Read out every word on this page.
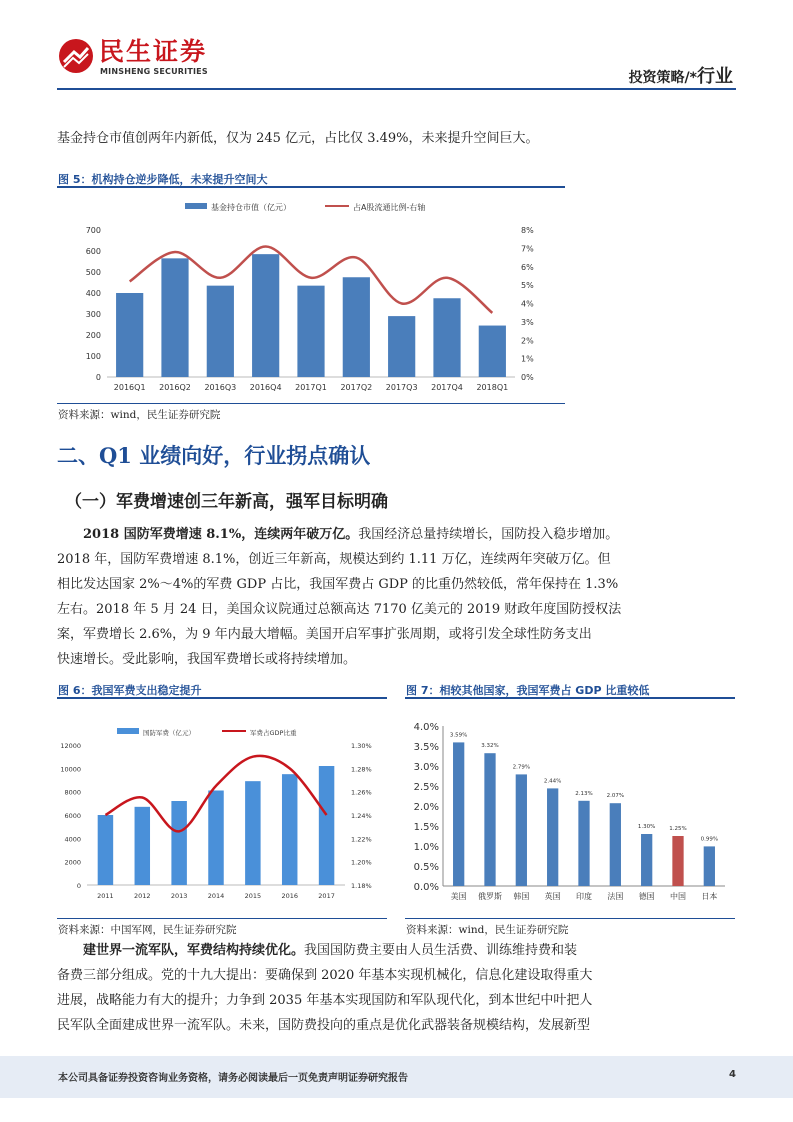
民生证券
MINSHENG SECURITIES	投资策略/*行业
基金持仓市值创两年内新低，仅为 245 亿元，占比仅 3.49%，未来提升空间巨大。
图 5：机构持仓逆步降低，未来提升空间大
基金持仓市值（亿元）	占A股流通比例-右轴
0
100
200
300
400
500
600
700
0%
1%
2%
3%
4%
5%
6%
7%
8%
2016Q1 2016Q2 2016Q3 2016Q4 2017Q1 2017Q2 2017Q3 2017Q4 2018Q1
资料来源：wind，民生证券研究院
二、Q1 业绩向好，行业拐点确认
（一）军费增速创三年新高，强军目标明确
2018 国防军费增速 8.1%，连续两年破万亿。我国经济总量持续增长，国防投入稳步增加。
2018 年，国防军费增速 8.1%，创近三年新高，规模达到约 1.11 万亿，连续两年突破万亿。但
相比发达国家 2%～4%的军费 GDP 占比，我国军费占 GDP 的比重仍然较低，常年保持在 1.3%
左右。2018 年 5 月 24 日，美国众议院通过总额高达 7170 亿美元的 2019 财政年度国防授权法
案，军费增长 2.6%，为 9 年内最大增幅。美国开启军事扩张周期，或将引发全球性防务支出
快速增长。受此影响，我国军费增长或将持续增加。
图 6：我国军费支出稳定提升
国防军费（亿元）	军费占GDP比重
0
2000
4000
6000
8000
10000
12000
1.18%
1.20%
1.22%
1.24%
1.26%
1.28%
1.30%
2011	2012	2013	2014	2015	2016	2017
资料来源：中国军网，民生证券研究院
图 7：相较其他国家，我国军费占 GDP 比重较低
0.0%
0.5%
1.0%
1.5%
2.0%
2.5%
3.0%
3.5%
4.0%
3.59%
美国
3.32%
俄罗斯
2.79%
韩国
2.44%
英国
2.13%
印度
2.07%
法国
1.30%
德国
1.25%
中国
0.99%
日本
资料来源：wind，民生证券研究院
建世界一流军队，军费结构持续优化。我国国防费主要由人员生活费、训练维持费和装
备费三部分组成。党的十九大提出：要确保到 2020 年基本实现机械化，信息化建设取得重大
进展，战略能力有大的提升；力争到 2035 年基本实现国防和军队现代化，到本世纪中叶把人
民军队全面建成世界一流军队。未来，国防费投向的重点是优化武器装备规模结构，发展新型
本公司具备证券投资咨询业务资格，请务必阅读最后一页免责声明证券研究报告	4
